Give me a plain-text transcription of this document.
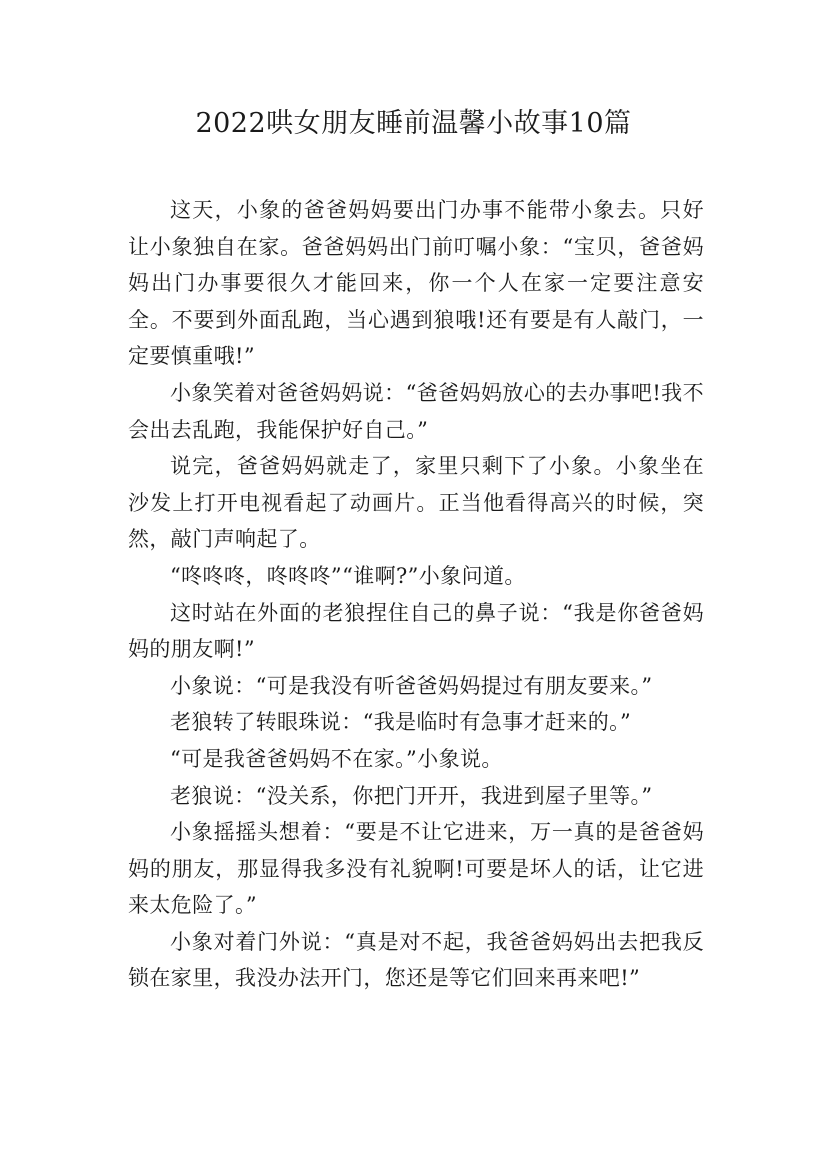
2022哄女朋友睡前温馨小故事10篇

这天，小象的爸爸妈妈要出门办事不能带小象去。只好让小象独自在家。爸爸妈妈出门前叮嘱小象：“宝贝，爸爸妈妈出门办事要很久才能回来，你一个人在家一定要注意安全。不要到外面乱跑，当心遇到狼哦!还有要是有人敲门，一定要慎重哦!”

小象笑着对爸爸妈妈说：“爸爸妈妈放心的去办事吧!我不会出去乱跑，我能保护好自己。”

说完，爸爸妈妈就走了，家里只剩下了小象。小象坐在沙发上打开电视看起了动画片。正当他看得高兴的时候，突然，敲门声响起了。

“咚咚咚，咚咚咚”“谁啊?”小象问道。

这时站在外面的老狼捏住自己的鼻子说：“我是你爸爸妈妈的朋友啊!”

小象说：“可是我没有听爸爸妈妈提过有朋友要来。”

老狼转了转眼珠说：“我是临时有急事才赶来的。”

“可是我爸爸妈妈不在家。”小象说。

老狼说：“没关系，你把门开开，我进到屋子里等。”

小象摇摇头想着：“要是不让它进来，万一真的是爸爸妈妈的朋友，那显得我多没有礼貌啊!可要是坏人的话，让它进来太危险了。”

小象对着门外说：“真是对不起，我爸爸妈妈出去把我反锁在家里，我没办法开门，您还是等它们回来再来吧!”
